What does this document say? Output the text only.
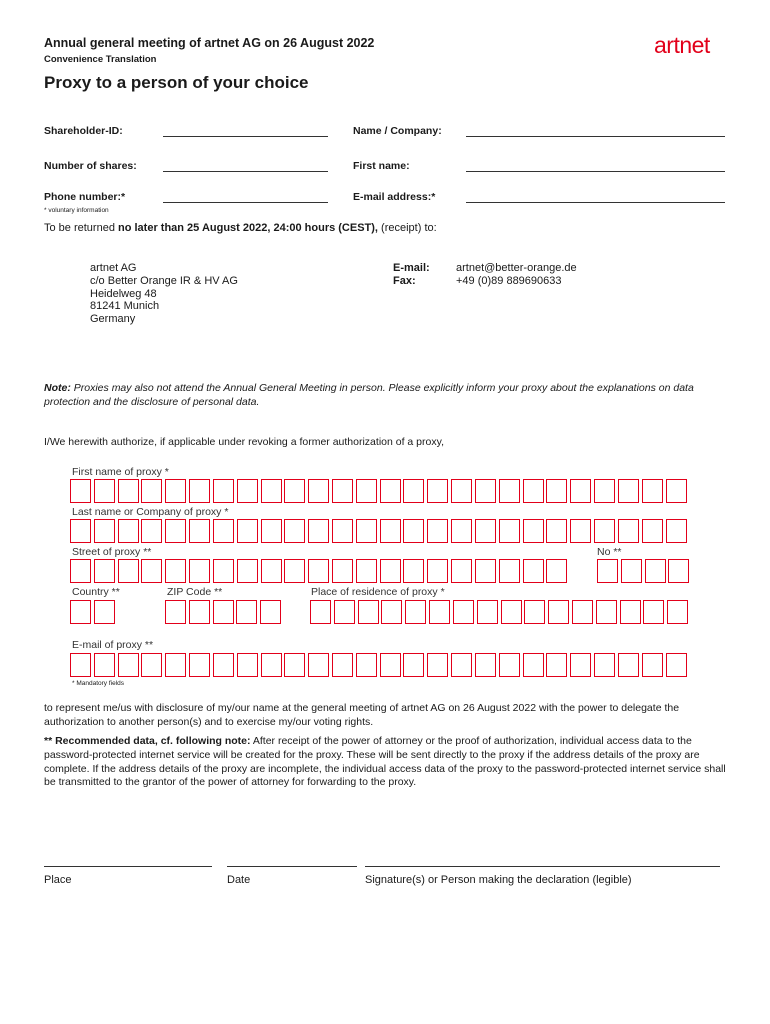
Annual general meeting of artnet AG on 26 August 2022
Convenience Translation
artnet
Proxy to a person of your choice
Shareholder-ID:	Name / Company:
Number of shares:	First name:
Phone number:*	E-mail address:*
* voluntary information
To be returned no later than 25 August 2022, 24:00 hours (CEST), (receipt) to:
artnet AG
c/o Better Orange IR & HV AG
Heidelweg 48
81241 Munich
Germany
E-mail: artnet@better-orange.de
Fax:	+49 (0)89 889690633
Note: Proxies may also not attend the Annual General Meeting in person. Please explicitly inform your proxy about the explanations on data protection and the disclosure of personal data.
I/We herewith authorize, if applicable under revoking a former authorization of a proxy,
First name of proxy *
Last name or Company of proxy *
Street of proxy **	No **
Country **	ZIP Code **	Place of residence of proxy *
E-mail of proxy **
* Mandatory fields
to represent me/us with disclosure of my/our name at the general meeting of artnet AG on 26 August 2022 with the power to delegate the authorization to another person(s) and to exercise my/our voting rights.
** Recommended data, cf. following note: After receipt of the power of attorney or the proof of authorization, individual access data to the password-protected internet service will be created for the proxy. These will be sent directly to the proxy if the address details of the proxy are complete. If the address details of the proxy are incomplete, the individual access data of the proxy to the password-protected internet service shall be transmitted to the grantor of the power of attorney for forwarding to the proxy.
Place	Date	Signature(s) or Person making the declaration (legible)
